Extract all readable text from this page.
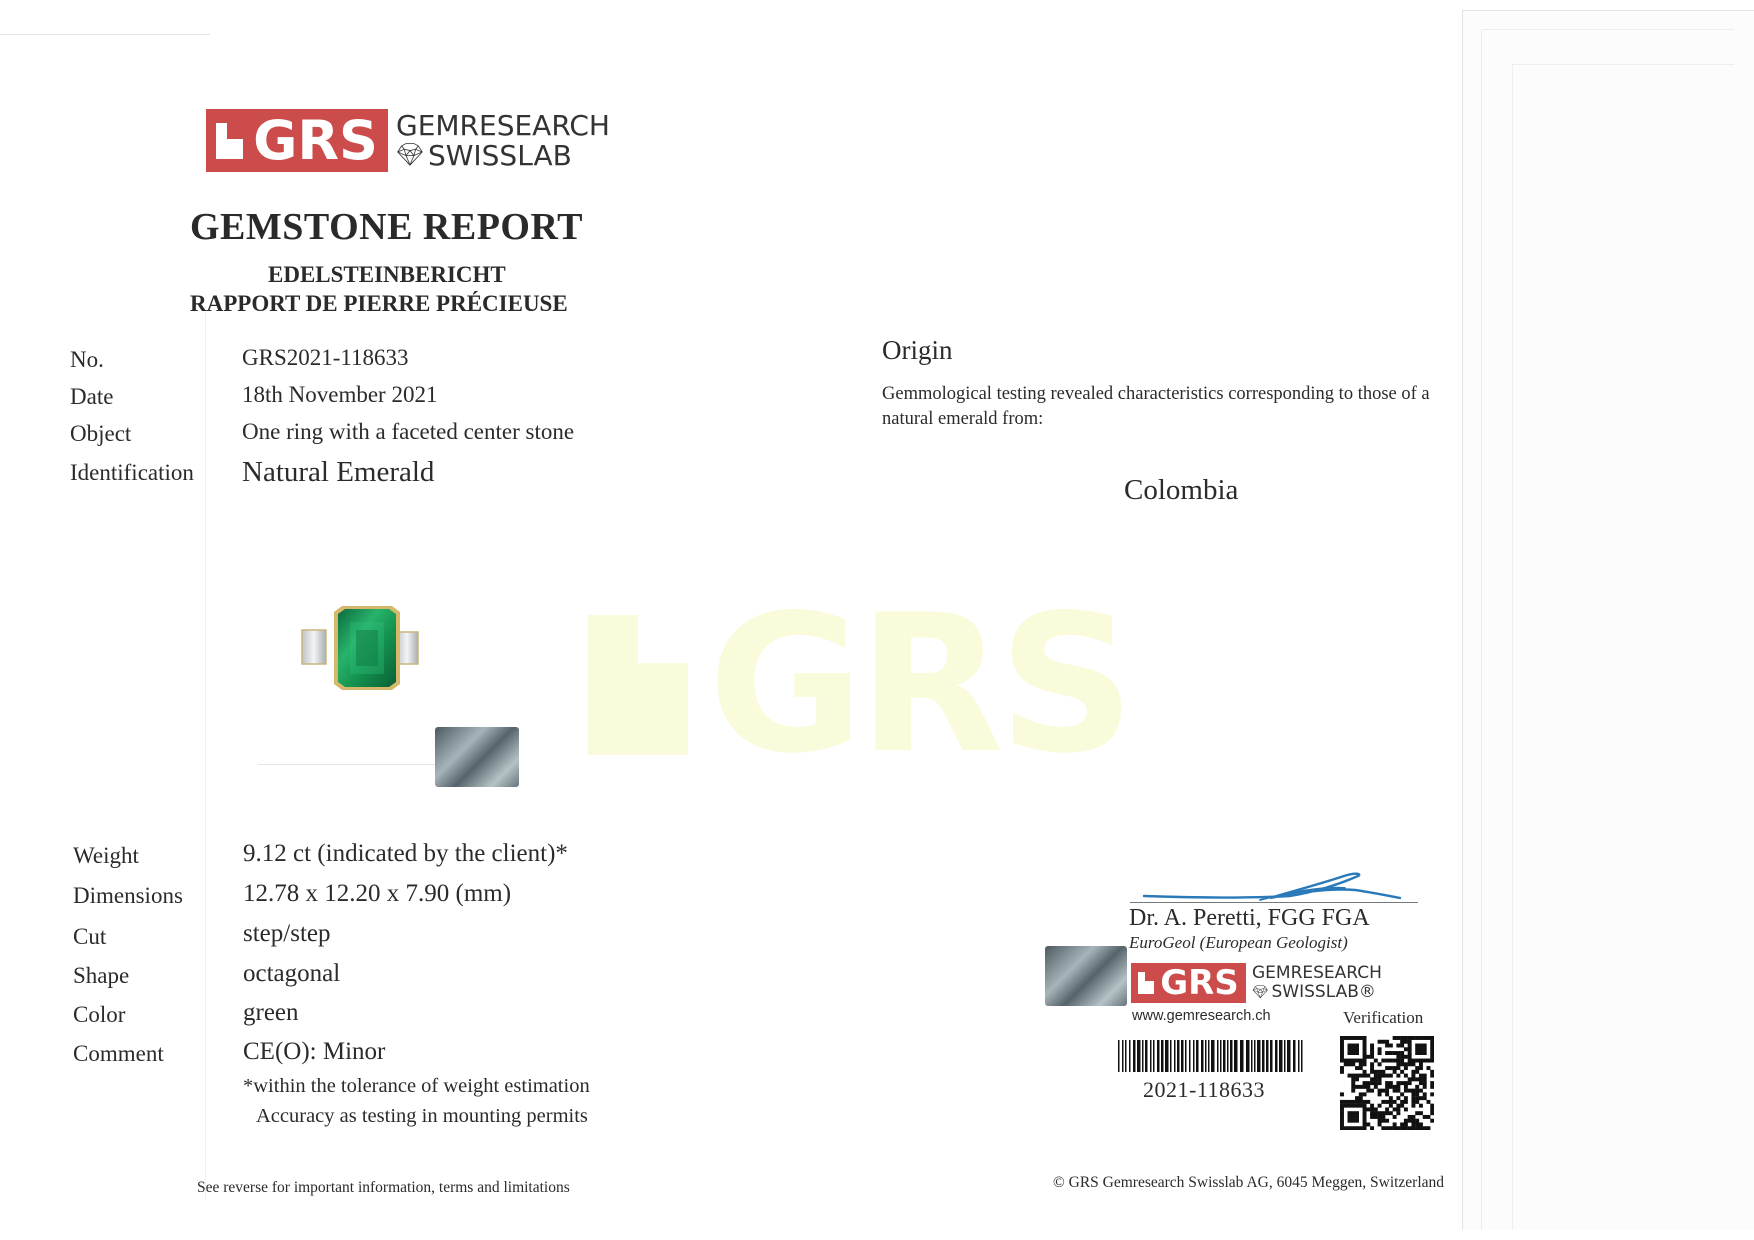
GRS GEMRESEARCH
💎︎ SWISSLAB
GEMSTONE REPORT
EDELSTEINBERICHT
RAPPORT DE PIERRE PRÉCIEUSE
No.	GRS2021-118633
Date	18th November 2021
Object	One ring with a faceted center stone
Identification Natural Emerald
Origin
Gemmological testing revealed characteristics corresponding to those of a natural emerald from:
Colombia
GRS
Weight	9.12 ct (indicated by the client)*
Dimensions 12.78 x 12.20 x 7.90 (mm)
Cut	step/step
Shape	octagonal
Color	green
Comment	CE(O): Minor
*within the tolerance of weight estimation
Accuracy as testing in mounting permits
Dr. A. Peretti, FGG FGA
EuroGeol (European Geologist)
GRS GEMRESEARCH
💎︎ SWISSLAB®
www.gemresearch.ch	Verification
2021-118633
See reverse for important information, terms and limitations	© GRS Gemresearch Swisslab AG, 6045 Meggen, Switzerland
